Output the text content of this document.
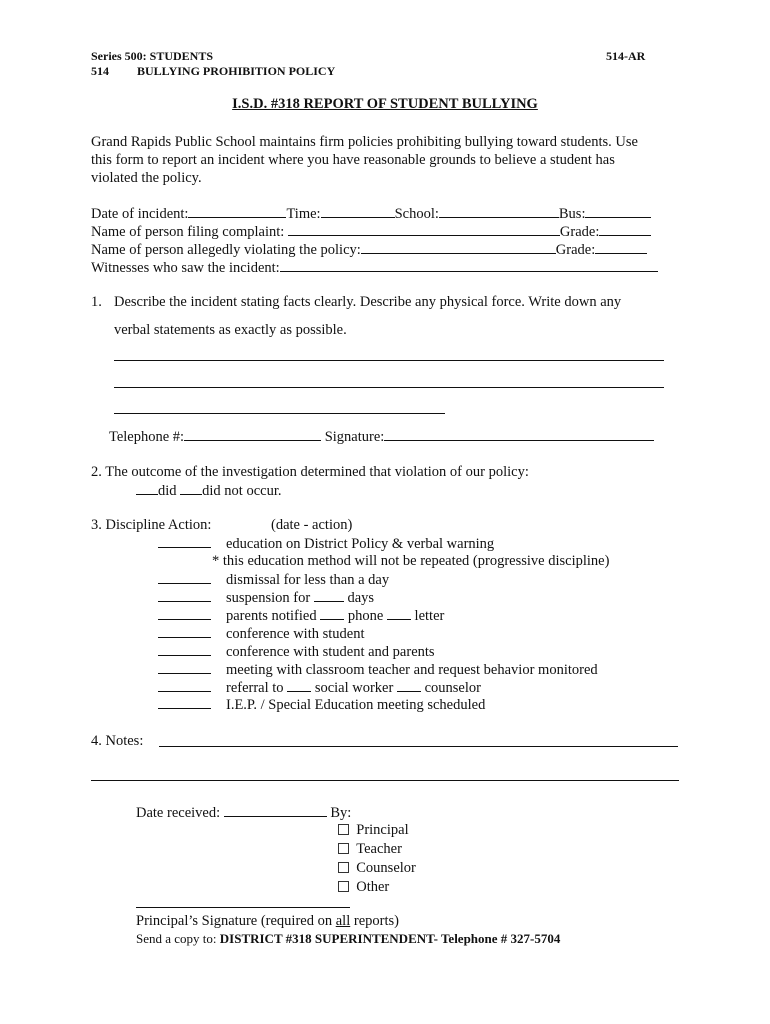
Series 500: STUDENTS
514 BULLYING PROHIBITION POLICY
514-AR
I.S.D. #318 REPORT OF STUDENT BULLYING
Grand Rapids Public School maintains firm policies prohibiting bullying toward students. Use
this form to report an incident where you have reasonable grounds to believe a student has
violated the policy.
Date of incident:	Time:	School:	Bus:
Name of person filing complaint:	Grade:
Name of person allegedly violating the policy:	Grade:
Witnesses who saw the incident:
1. Describe the incident stating facts clearly. Describe any physical force. Write down any
verbal statements as exactly as possible.
Telephone #:	Signature:
2. The outcome of the investigation determined that violation of our policy:
did did not occur.
3. Discipline Action:	(date - action)
education on District Policy & verbal warning
* this education method will not be repeated (progressive discipline)
dismissal for less than a day
suspension for  days
parents notified  phone  letter
conference with student
conference with student and parents
meeting with classroom teacher and request behavior monitored
referral to  social worker  counselor
I.E.P. / Special Education meeting scheduled
4. Notes:
Date received:	By:
Principal
Teacher
Counselor
Other
Principal’s Signature (required on all reports)
Send a copy to: DISTRICT #318 SUPERINTENDENT- Telephone # 327-5704
